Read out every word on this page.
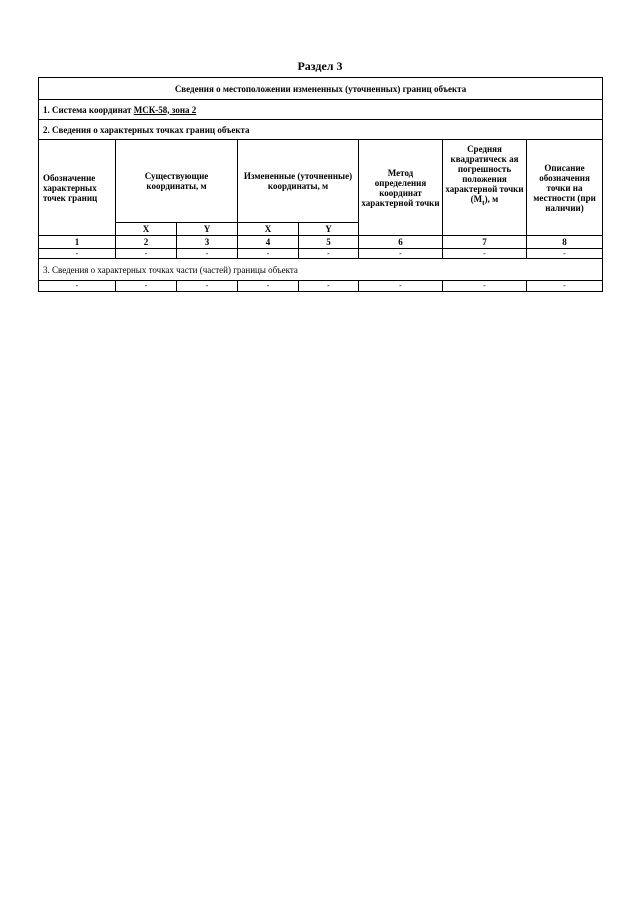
Раздел 3
Сведения о местоположении измененных (уточненных) границ объекта							
1. Система координат МСК-58, зона 2							
2. Сведения о характерных точках границ объекта							

Обозначение характерных точек границ	Существующие координаты, м		Измененные (уточненные) координаты, м		Метод определения координат характерной точки	Средняя квадратическ ая погрешность положения характерной точки $(M_t)$, м	Описание обозначения точки на местности (при наличии)

	X	Y	X	Y			
1	2	3	4	5	6	7	8
-	-	-	-	-	-	-	-
3. Сведения о характерных точках части (частей) границы объекта							
-	-	-	-	-	-	-	-
